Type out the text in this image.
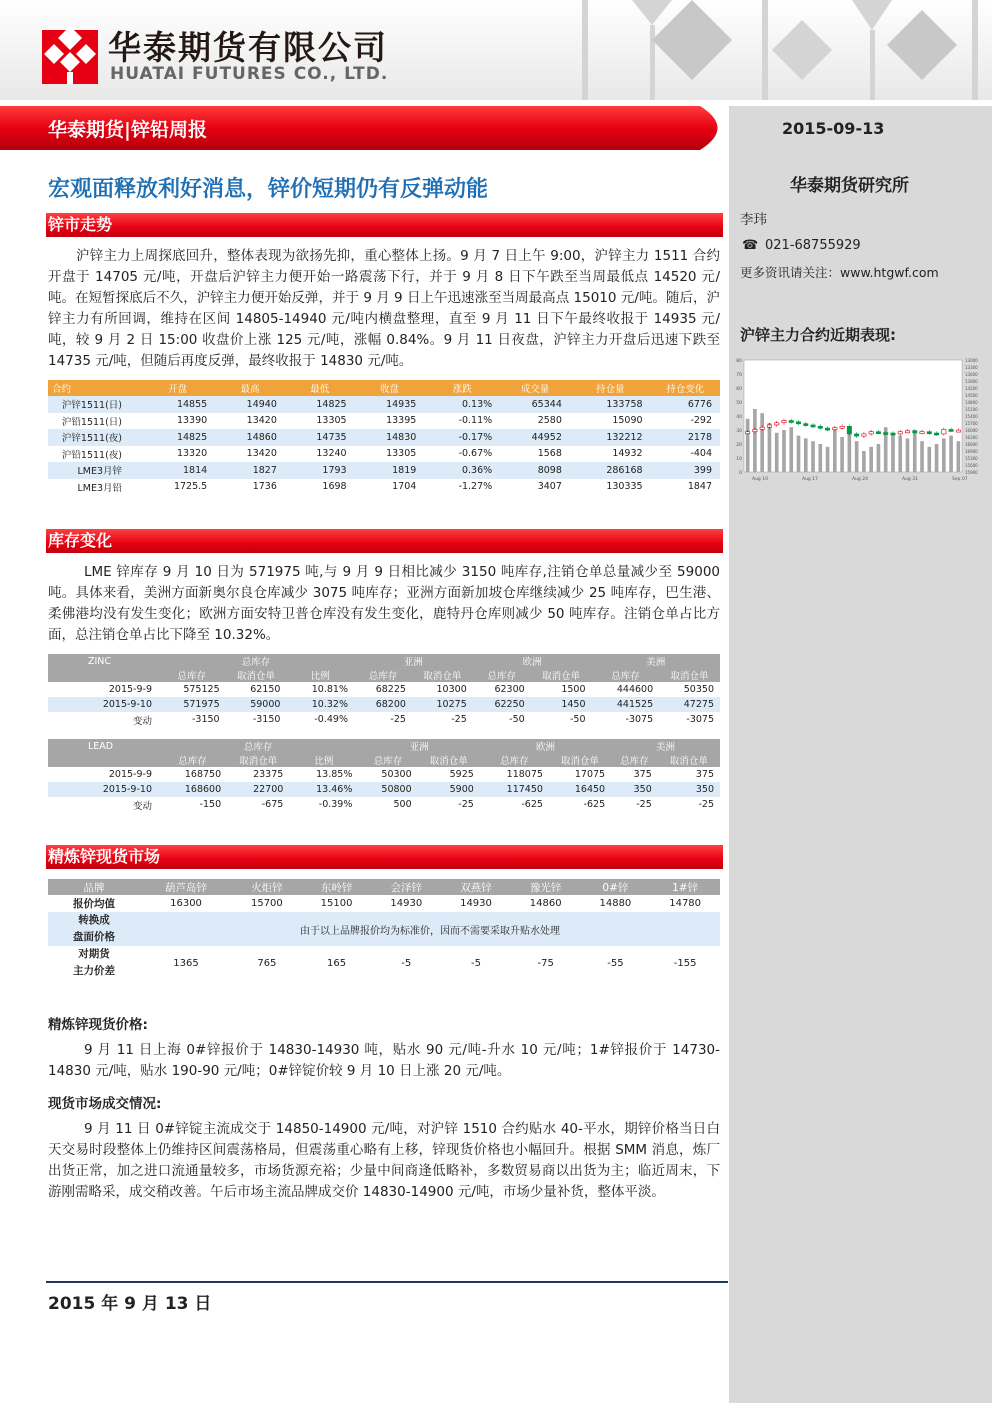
华泰期货有限公司
HUATAI FUTURES CO., LTD.
华泰期货|锌铅周报	2015-09-13
宏观面释放利好消息，锌价短期仍有反弹动能
锌市走势
沪锌主力上周探底回升，整体表现为欲扬先抑，重心整体上扬。9 月 7 日上午 9:00，沪锌主力 1511 合约开盘于 14705 元/吨，开盘后沪锌主力便开始一路震荡下行，并于 9 月 8 日下午跌至当周最低点 14520 元/吨。在短暂探底后不久，沪锌主力便开始反弹，并于 9 月 9 日上午迅速涨至当周最高点 15010 元/吨。随后，沪锌主力有所回调，维持在区间 14805-14940 元/吨内横盘整理，直至 9 月 11 日下午最终收报于 14935 元/吨，较 9 月 2 日 15:00 收盘价上涨 125 元/吨，涨幅 0.84%。9 月 11 日夜盘，沪锌主力开盘后迅速下跌至 14735 元/吨，但随后再度反弹，最终收报于 14830 元/吨。
合约	开盘	最高	最低	收盘	涨跌	成交量	持仓量	持仓变化
沪锌1511(日)	14855	14940	14825	14935	0.13%	65344	133758	6776
沪铅1511(日)	13390	13420	13305	13395	-0.11%	2580	15090	-292
沪锌1511(夜)	14825	14860	14735	14830	-0.17%	44952	132212	2178
沪铅1511(夜)	13320	13420	13240	13305	-0.67%	1568	14932	-404
LME3月锌	1814	1827	1793	1819	0.36%	8098	286168	399
LME3月铅	1725.5	1736	1698	1704	-1.27%	3407	130335	1847
华泰期货研究所
李玮
☎ 021-68755929
更多资讯请关注：www.htgwf.com
沪锌主力合约近期表现:
0
10
20
30
40
50
60
70
80
Aug 10	Aug 17	Aug 24	Aug 31	Sep 07
13000
13300
13600
13900
14200
14500
14800
15100
15400
15700
16000
16300
16600
16900
15300
15600
15900
库存变化
LME 锌库存 9 月 10 日为 571975 吨,与 9 月 9 日相比减少 3150 吨库存,注销仓单总量减少至 59000 吨。具体来看，美洲方面新奥尔良仓库减少 3075 吨库存；亚洲方面新加坡仓库继续减少 25 吨库存，巴生港、柔佛港均没有发生变化；欧洲方面安特卫普仓库没有发生变化，鹿特丹仓库则减少 50 吨库存。注销仓单占比方面，总注销仓单占比下降至 10.32%。
ZINC	总库存			亚洲		欧洲		美洲	
	总库存	取消仓单	比例	总库存	取消仓单	总库存	取消仓单	总库存	取消仓单
2015-9-9	575125	62150	10.81%	68225	10300	62300	1500	444600	50350
2015-9-10	571975	59000	10.32%	68200	10275	62250	1450	441525	47275
变动	-3150	-3150	-0.49%	-25	-25	-50	-50	-3075	-3075
LEAD	总库存			亚洲		欧洲		美洲	
	总库存	取消仓单	比例	总库存	取消仓单	总库存	取消仓单	总库存	取消仓单
2015-9-9	168750	23375	13.85%	50300	5925	118075	17075	375	375
2015-9-10	168600	22700	13.46%	50800	5900	117450	16450	350	350
变动	-150	-675	-0.39%	500	-25	-625	-625	-25	-25
精炼锌现货市场
品牌	葫芦岛锌	火炬锌	东岭锌	会泽锌	双燕锌	豫光锌	0#锌	1#锌
报价均值	16300	15700	15100	14930	14930	14860	14880	14780

转换成
盘面价格	由于以上品牌报价均为标准价，因而不需要采取升贴水处理							

对期货
主力价差	1365	765	165	-5	-5	-75	-55	-155
精炼锌现货价格:
9 月 11 日上海 0#锌报价于 14830-14930 吨，贴水 90 元/吨-升水 10 元/吨；1#锌报价于 14730-14830 元/吨，贴水 190-90 元/吨；0#锌锭价较 9 月 10 日上涨 20 元/吨。
现货市场成交情况:
9 月 11 日 0#锌锭主流成交于 14850-14900 元/吨，对沪锌 1510 合约贴水 40-平水，期锌价格当日白天交易时段整体上仍维持区间震荡格局，但震荡重心略有上移，锌现货价格也小幅回升。根据 SMM 消息，炼厂出货正常，加之进口流通量较多，市场货源充裕；少量中间商逢低略补，多数贸易商以出货为主；临近周末，下游刚需略采，成交稍改善。午后市场主流品牌成交价 14830-14900 元/吨，市场少量补货，整体平淡。
2015 年 9 月 13 日
